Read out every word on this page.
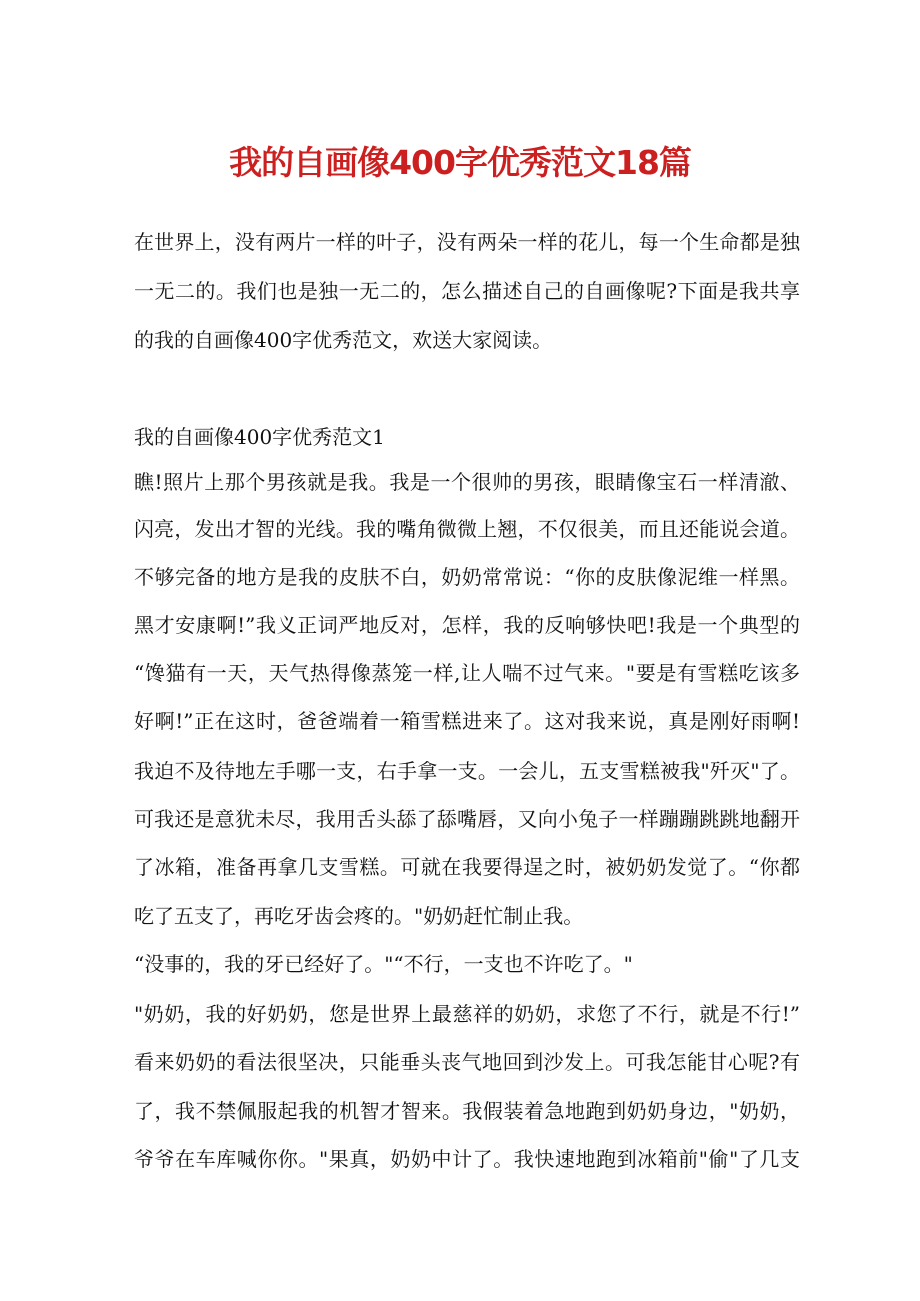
我的自画像400字优秀范文18篇
在世界上，没有两片一样的叶子，没有两朵一样的花儿，每一个生命都是独
一无二的。我们也是独一无二的，怎么描述自己的自画像呢?下面是我共享
的我的自画像400字优秀范文，欢送大家阅读。
我的自画像400字优秀范文1
瞧!照片上那个男孩就是我。我是一个很帅的男孩，眼睛像宝石一样清澈、
闪亮，发出才智的光线。我的嘴角微微上翘，不仅很美，而且还能说会道。
不够完备的地方是我的皮肤不白，奶奶常常说：“你的皮肤像泥维一样黑。
黑才安康啊!”我义正词严地反对，怎样，我的反响够快吧!我是一个典型的
“馋猫有一天，天气热得像蒸笼一样,让人喘不过气来。"要是有雪糕吃该多
好啊!”正在这时，爸爸端着一箱雪糕进来了。这对我来说，真是刚好雨啊!
我迫不及待地左手哪一支，右手拿一支。一会儿，五支雪糕被我"歼灭"了。
可我还是意犹未尽，我用舌头舔了舔嘴唇，又向小兔子一样蹦蹦跳跳地翻开
了冰箱，准备再拿几支雪糕。可就在我要得逞之时，被奶奶发觉了。“你都
吃了五支了，再吃牙齿会疼的。"奶奶赶忙制止我。
“没事的，我的牙已经好了。"“不行，一支也不许吃了。"
"奶奶，我的好奶奶，您是世界上最慈祥的奶奶，求您了不行，就是不行!”
看来奶奶的看法很坚决，只能垂头丧气地回到沙发上。可我怎能甘心呢?有
了，我不禁佩服起我的机智才智来。我假装着急地跑到奶奶身边，"奶奶，
爷爷在车库喊你你。"果真，奶奶中计了。我快速地跑到冰箱前"偷"了几支
